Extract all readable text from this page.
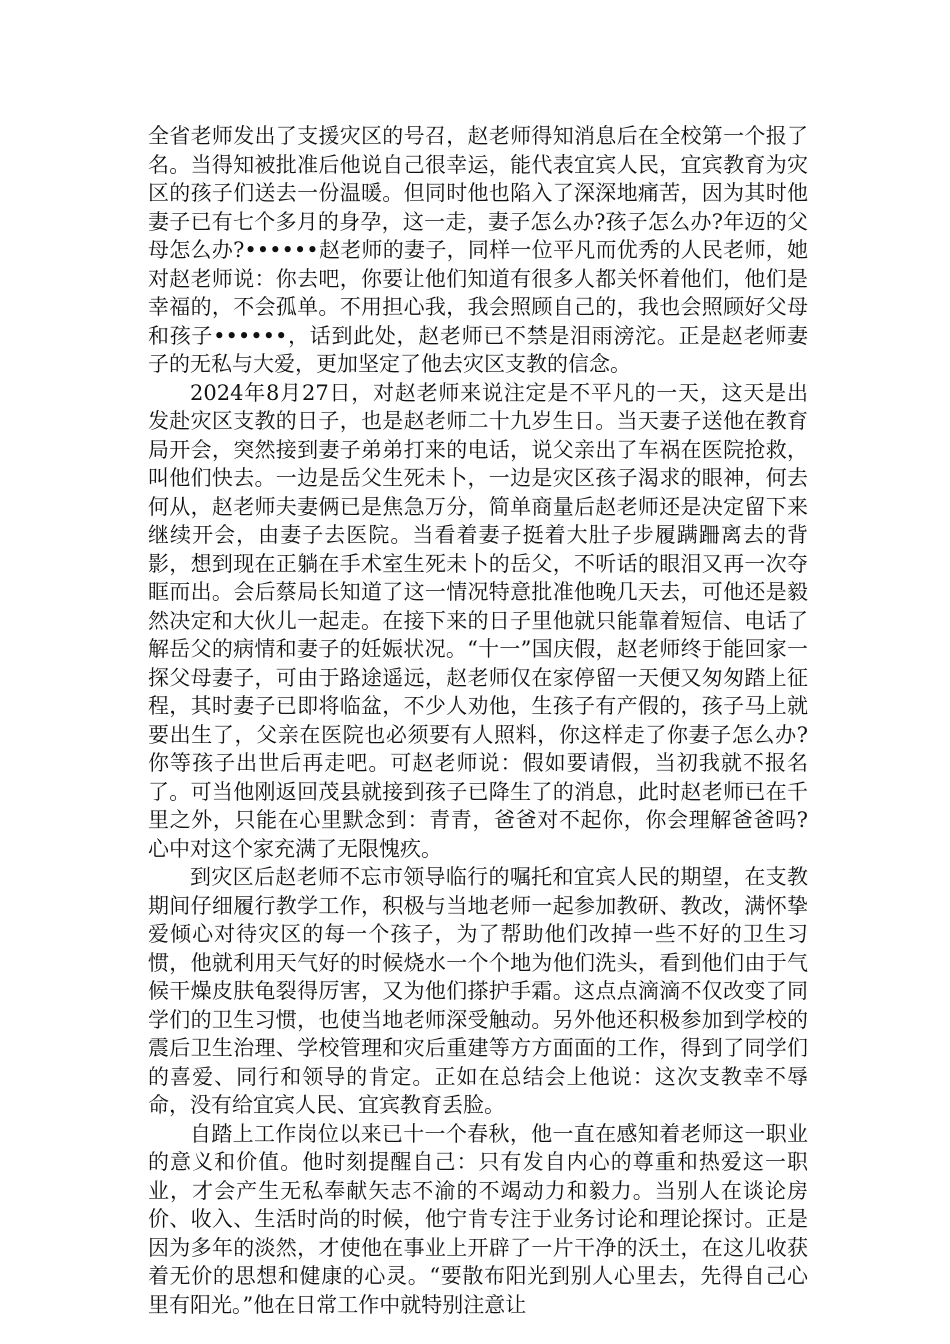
全省老师发出了支援灾区的号召，赵老师得知消息后在全校第一个报了名。当得知被批准后他说自己很幸运，能代表宜宾人民，宜宾教育为灾区的孩子们送去一份温暖。但同时他也陷入了深深地痛苦，因为其时他妻子已有七个多月的身孕，这一走，妻子怎么办?孩子怎么办?年迈的父母怎么办?••••••赵老师的妻子，同样一位平凡而优秀的人民老师，她对赵老师说：你去吧，你要让他们知道有很多人都关怀着他们，他们是幸福的，不会孤单。不用担心我，我会照顾自己的，我也会照顾好父母和孩子••••••，话到此处，赵老师已不禁是泪雨滂沱。正是赵老师妻子的无私与大爱，更加坚定了他去灾区支教的信念。

2024年8月27日，对赵老师来说注定是不平凡的一天，这天是出发赴灾区支教的日子，也是赵老师二十九岁生日。当天妻子送他在教育局开会，突然接到妻子弟弟打来的电话，说父亲出了车祸在医院抢救，叫他们快去。一边是岳父生死未卜，一边是灾区孩子渴求的眼神，何去何从，赵老师夫妻俩已是焦急万分，简单商量后赵老师还是决定留下来继续开会，由妻子去医院。当看着妻子挺着大肚子步履蹒跚离去的背影，想到现在正躺在手术室生死未卜的岳父，不听话的眼泪又再一次夺眶而出。会后蔡局长知道了这一情况特意批准他晚几天去，可他还是毅然决定和大伙儿一起走。在接下来的日子里他就只能靠着短信、电话了解岳父的病情和妻子的妊娠状况。“十一”国庆假，赵老师终于能回家一探父母妻子，可由于路途遥远，赵老师仅在家停留一天便又匆匆踏上征程，其时妻子已即将临盆，不少人劝他，生孩子有产假的，孩子马上就要出生了，父亲在医院也必须要有人照料，你这样走了你妻子怎么办?你等孩子出世后再走吧。可赵老师说：假如要请假，当初我就不报名了。可当他刚返回茂县就接到孩子已降生了的消息，此时赵老师已在千里之外，只能在心里默念到：青青，爸爸对不起你，你会理解爸爸吗?心中对这个家充满了无限愧疚。

到灾区后赵老师不忘市领导临行的嘱托和宜宾人民的期望，在支教期间仔细履行教学工作，积极与当地老师一起参加教研、教改，满怀挚爱倾心对待灾区的每一个孩子，为了帮助他们改掉一些不好的卫生习惯，他就利用天气好的时候烧水一个个地为他们洗头，看到他们由于气候干燥皮肤龟裂得厉害，又为他们搽护手霜。这点点滴滴不仅改变了同学们的卫生习惯，也使当地老师深受触动。另外他还积极参加到学校的震后卫生治理、学校管理和灾后重建等方方面面的工作，得到了同学们的喜爱、同行和领导的肯定。正如在总结会上他说：这次支教幸不辱命，没有给宜宾人民、宜宾教育丢脸。

自踏上工作岗位以来已十一个春秋，他一直在感知着老师这一职业的意义和价值。他时刻提醒自己：只有发自内心的尊重和热爱这一职业，才会产生无私奉献矢志不渝的不竭动力和毅力。当别人在谈论房价、收入、生活时尚的时候，他宁肯专注于业务讨论和理论探讨。正是因为多年的淡然，才使他在事业上开辟了一片干净的沃土，在这儿收获着无价的思想和健康的心灵。“要散布阳光到别人心里去，先得自己心里有阳光。”他在日常工作中就特别注意让
